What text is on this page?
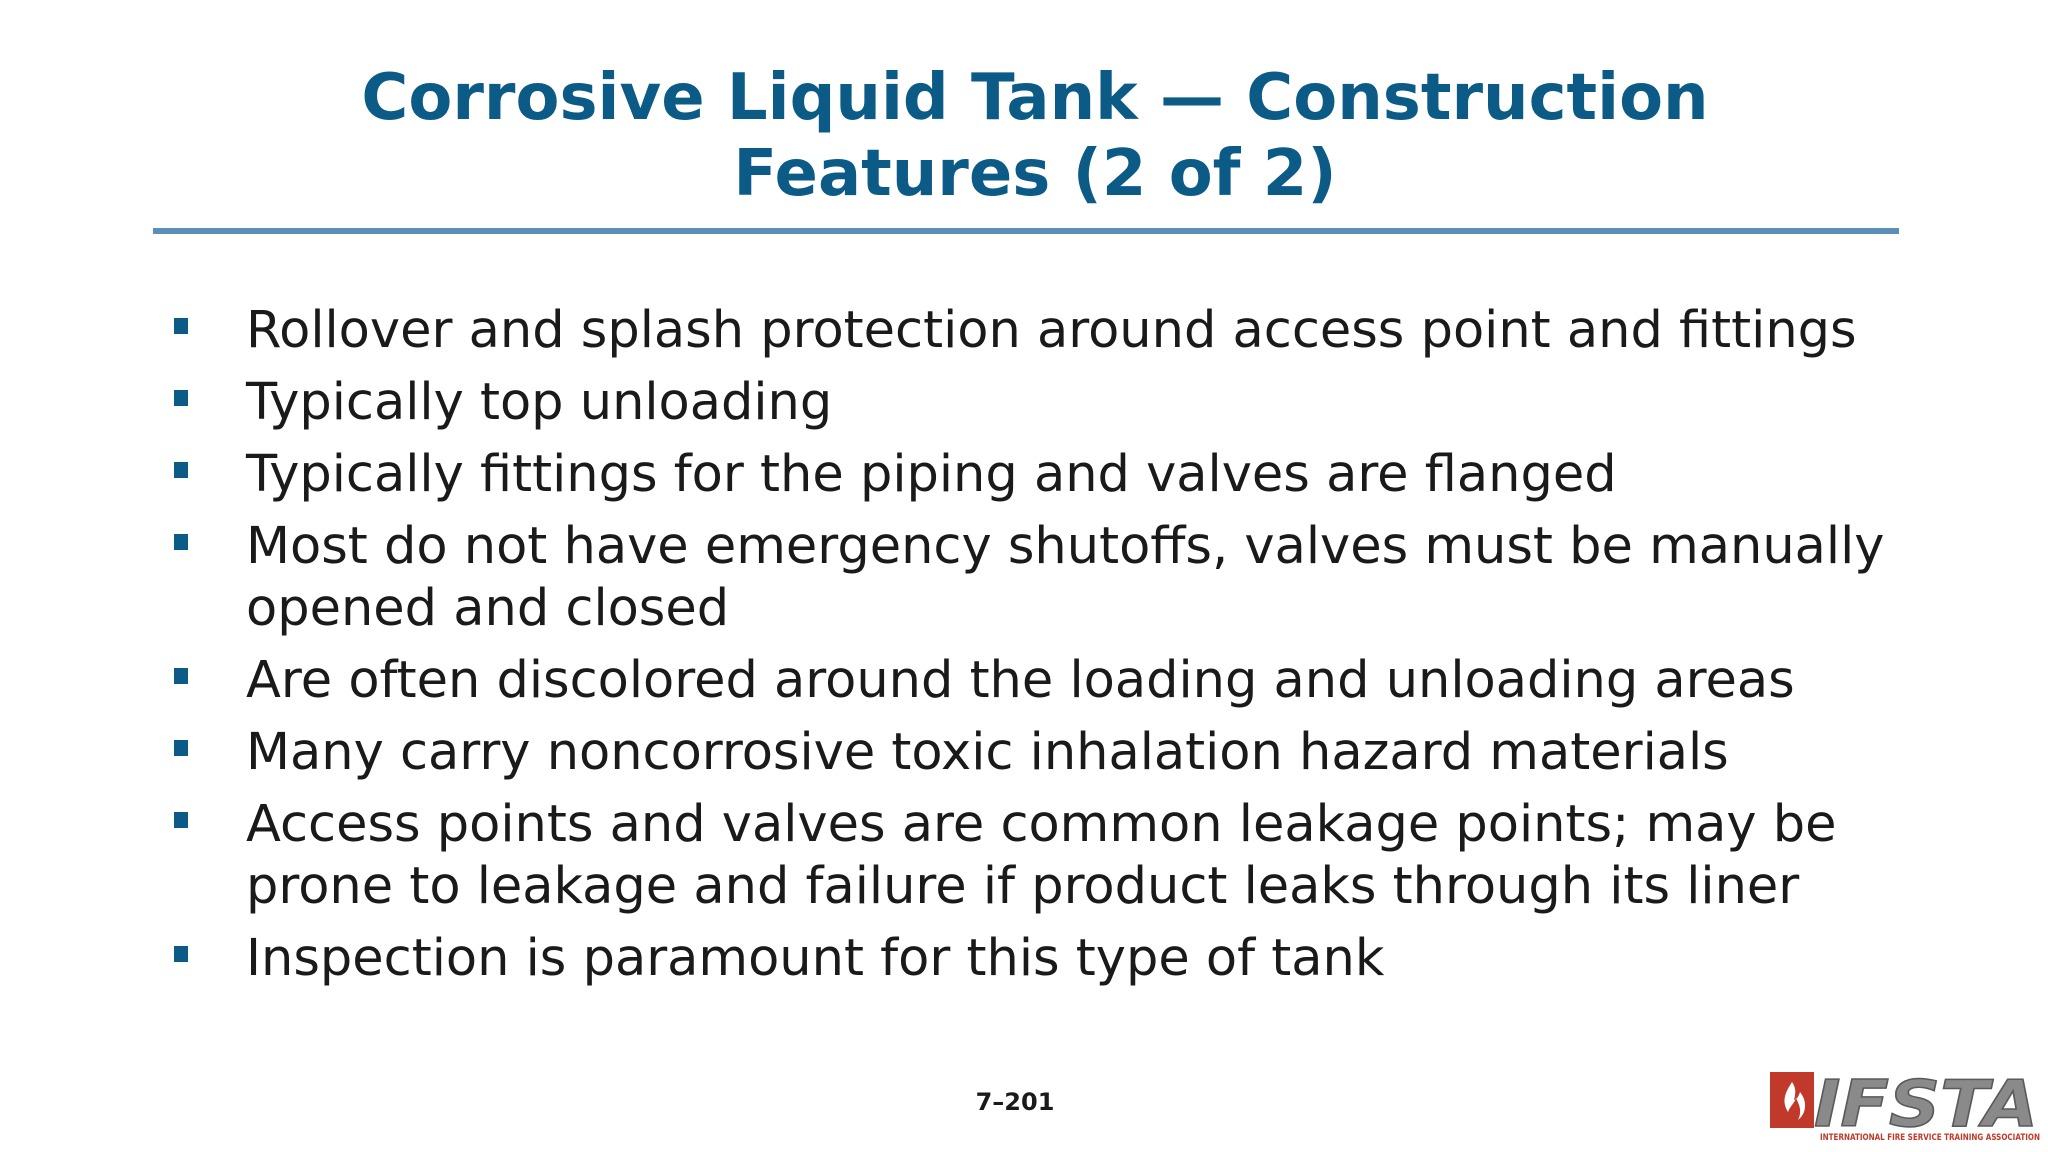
Corrosive Liquid Tank — Construction
Features (2 of 2)
Rollover and splash protection around access point and fittings
Typically top unloading
Typically fittings for the piping and valves are flanged
Most do not have emergency shutoffs, valves must be manually opened and closed
Are often discolored around the loading and unloading areas
Many carry noncorrosive toxic inhalation hazard materials
Access points and valves are common leakage points; may be prone to leakage and failure if product leaks through its liner
Inspection is paramount for this type of tank
7–201	IFSTA
INTERNATIONAL FIRE SERVICE TRAINING ASSOCIATION
